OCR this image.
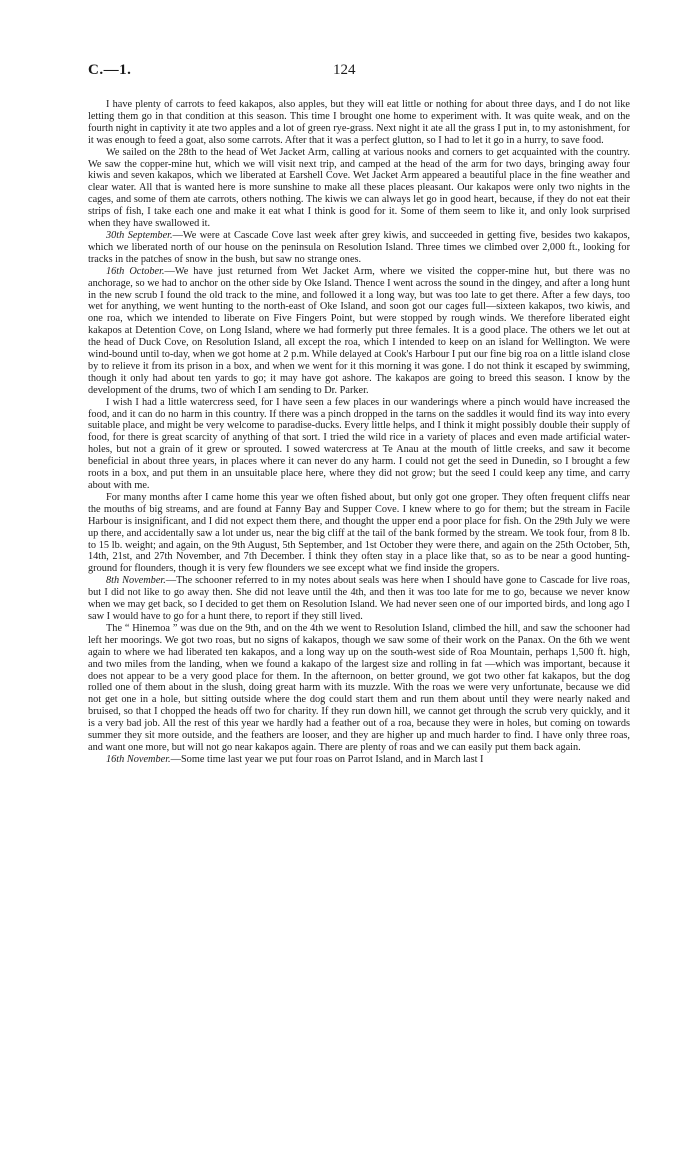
C.—1.	124

I have plenty of carrots to feed kakapos, also apples, but they will eat little or nothing for about three days, and I do not like letting them go in that condition at this season. This time I brought one home to experiment with. It was quite weak, and on the fourth night in captivity it ate two apples and a lot of green rye-grass. Next night it ate all the grass I put in, to my astonishment, for it was enough to feed a goat, also some carrots. After that it was a perfect glutton, so I had to let it go in a hurry, to save food.

We sailed on the 28th to the head of Wet Jacket Arm, calling at various nooks and corners to get acquainted with the country. We saw the copper-mine hut, which we will visit next trip, and camped at the head of the arm for two days, bringing away four kiwis and seven kakapos, which we liberated at Earshell Cove. Wet Jacket Arm appeared a beautiful place in the fine weather and clear water. All that is wanted here is more sunshine to make all these places pleasant. Our kakapos were only two nights in the cages, and some of them ate carrots, others nothing. The kiwis we can always let go in good heart, because, if they do not eat their strips of fish, I take each one and make it eat what I think is good for it. Some of them seem to like it, and only look surprised when they have swallowed it.

30th September.—We were at Cascade Cove last week after grey kiwis, and succeeded in getting five, besides two kakapos, which we liberated north of our house on the peninsula on Resolution Island. Three times we climbed over 2,000 ft., looking for tracks in the patches of snow in the bush, but saw no strange ones.

16th October.—We have just returned from Wet Jacket Arm, where we visited the copper-mine hut, but there was no anchorage, so we had to anchor on the other side by Oke Island. Thence I went across the sound in the dingey, and after a long hunt in the new scrub I found the old track to the mine, and followed it a long way, but was too late to get there. After a few days, too wet for anything, we went hunting to the north-east of Oke Island, and soon got our cages full—sixteen kakapos, two kiwis, and one roa, which we intended to liberate on Five Fingers Point, but were stopped by rough winds. We therefore liberated eight kakapos at Detention Cove, on Long Island, where we had formerly put three females. It is a good place. The others we let out at the head of Duck Cove, on Resolution Island, all except the roa, which I intended to keep on an island for Wellington. We were wind-bound until to-day, when we got home at 2 p.m. While delayed at Cook's Harbour I put our fine big roa on a little island close by to relieve it from its prison in a box, and when we went for it this morning it was gone. I do not think it escaped by swimming, though it only had about ten yards to go; it may have got ashore. The kakapos are going to breed this season. I know by the development of the drums, two of which I am sending to Dr. Parker.

I wish I had a little watercress seed, for I have seen a few places in our wanderings where a pinch would have increased the food, and it can do no harm in this country. If there was a pinch dropped in the tarns on the saddles it would find its way into every suitable place, and might be very welcome to paradise-ducks. Every little helps, and I think it might possibly double their supply of food, for there is great scarcity of anything of that sort. I tried the wild rice in a variety of places and even made artificial water-holes, but not a grain of it grew or sprouted. I sowed watercress at Te Anau at the mouth of little creeks, and saw it become beneficial in about three years, in places where it can never do any harm. I could not get the seed in Dunedin, so I brought a few roots in a box, and put them in an unsuitable place here, where they did not grow; but the seed I could keep any time, and carry about with me.

For many months after I came home this year we often fished about, but only got one groper. They often frequent cliffs near the mouths of big streams, and are found at Fanny Bay and Supper Cove. I knew where to go for them; but the stream in Facile Harbour is insignificant, and I did not expect them there, and thought the upper end a poor place for fish. On the 29th July we were up there, and accidentally saw a lot under us, near the big cliff at the tail of the bank formed by the stream. We took four, from 8 lb. to 15 lb. weight; and again, on the 9th August, 5th September, and 1st October they were there, and again on the 25th October, 5th, 14th, 21st, and 27th November, and 7th December. I think they often stay in a place like that, so as to be near a good hunting-ground for flounders, though it is very few flounders we see except what we find inside the gropers.

8th November.—The schooner referred to in my notes about seals was here when I should have gone to Cascade for live roas, but I did not like to go away then. She did not leave until the 4th, and then it was too late for me to go, because we never know when we may get back, so I decided to get them on Resolution Island. We had never seen one of our imported birds, and long ago I saw I would have to go for a hunt there, to report if they still lived.

The “ Hinemoa ” was due on the 9th, and on the 4th we went to Resolution Island, climbed the hill, and saw the schooner had left her moorings. We got two roas, but no signs of kakapos, though we saw some of their work on the Panax. On the 6th we went again to where we had liberated ten kakapos, and a long way up on the south-west side of Roa Mountain, perhaps 1,500 ft. high, and two miles from the landing, when we found a kakapo of the largest size and rolling in fat —which was important, because it does not appear to be a very good place for them. In the afternoon, on better ground, we got two other fat kakapos, but the dog rolled one of them about in the slush, doing great harm with its muzzle. With the roas we were very unfortunate, because we did not get one in a hole, but sitting outside where the dog could start them and run them about until they were nearly naked and bruised, so that I chopped the heads off two for charity. If they run down hill, we cannot get through the scrub very quickly, and it is a very bad job. All the rest of this year we hardly had a feather out of a roa, because they were in holes, but coming on towards summer they sit more outside, and the feathers are looser, and they are higher up and much harder to find. I have only three roas, and want one more, but will not go near kakapos again. There are plenty of roas and we can easily put them back again.

16th November.—Some time last year we put four roas on Parrot Island, and in March last I
